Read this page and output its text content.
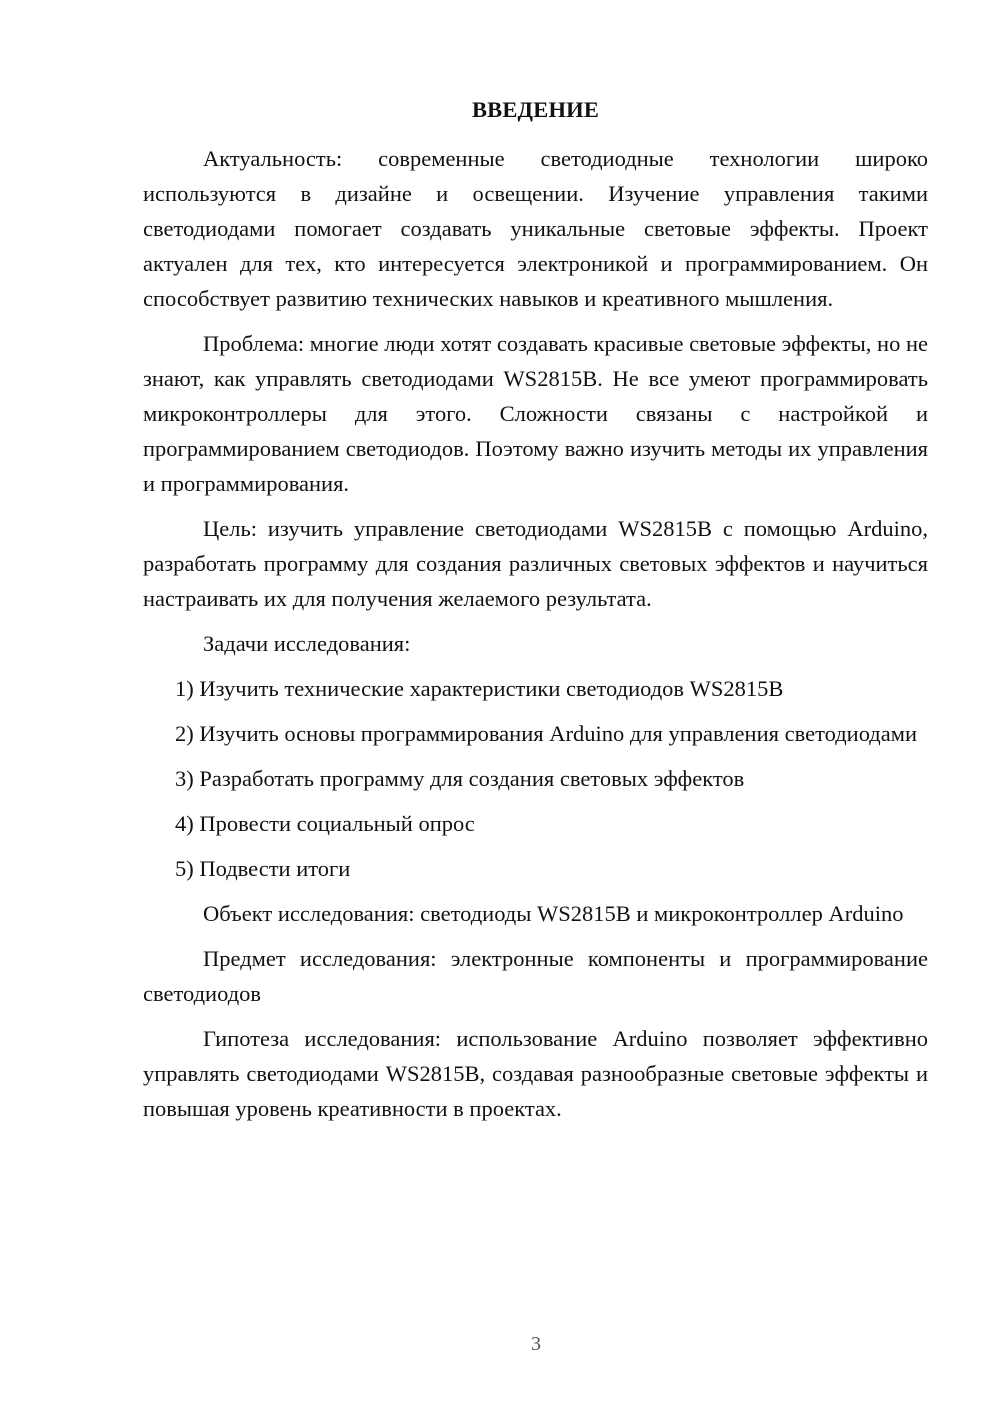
ВВЕДЕНИЕ

Актуальность: современные светодиодные технологии широко используются в дизайне и освещении. Изучение управления такими светодиодами помогает создавать уникальные световые эффекты. Проект актуален для тех, кто интересуется электроникой и программированием. Он способствует развитию технических навыков и креативного мышления.

Проблема: многие люди хотят создавать красивые световые эффекты, но не знают, как управлять светодиодами WS2815B. Не все умеют программировать микроконтроллеры для этого. Сложности связаны с настройкой и программированием светодиодов. Поэтому важно изучить методы их управления и программирования.

Цель: изучить управление светодиодами WS2815B с помощью Arduino, разработать программу для создания различных световых эффектов и научиться настраивать их для получения желаемого результата.

Задачи исследования:

1) Изучить технические характеристики светодиодов WS2815B

2) Изучить основы программирования Arduino для управления светодиодами

3) Разработать программу для создания световых эффектов

4) Провести социальный опрос

5) Подвести итоги

Объект исследования: светодиоды WS2815B и микроконтроллер Arduino

Предмет исследования: электронные компоненты и программирование светодиодов

Гипотеза исследования: использование Arduino позволяет эффективно управлять светодиодами WS2815B, создавая разнообразные световые эффекты и повышая уровень креативности в проектах.

3
